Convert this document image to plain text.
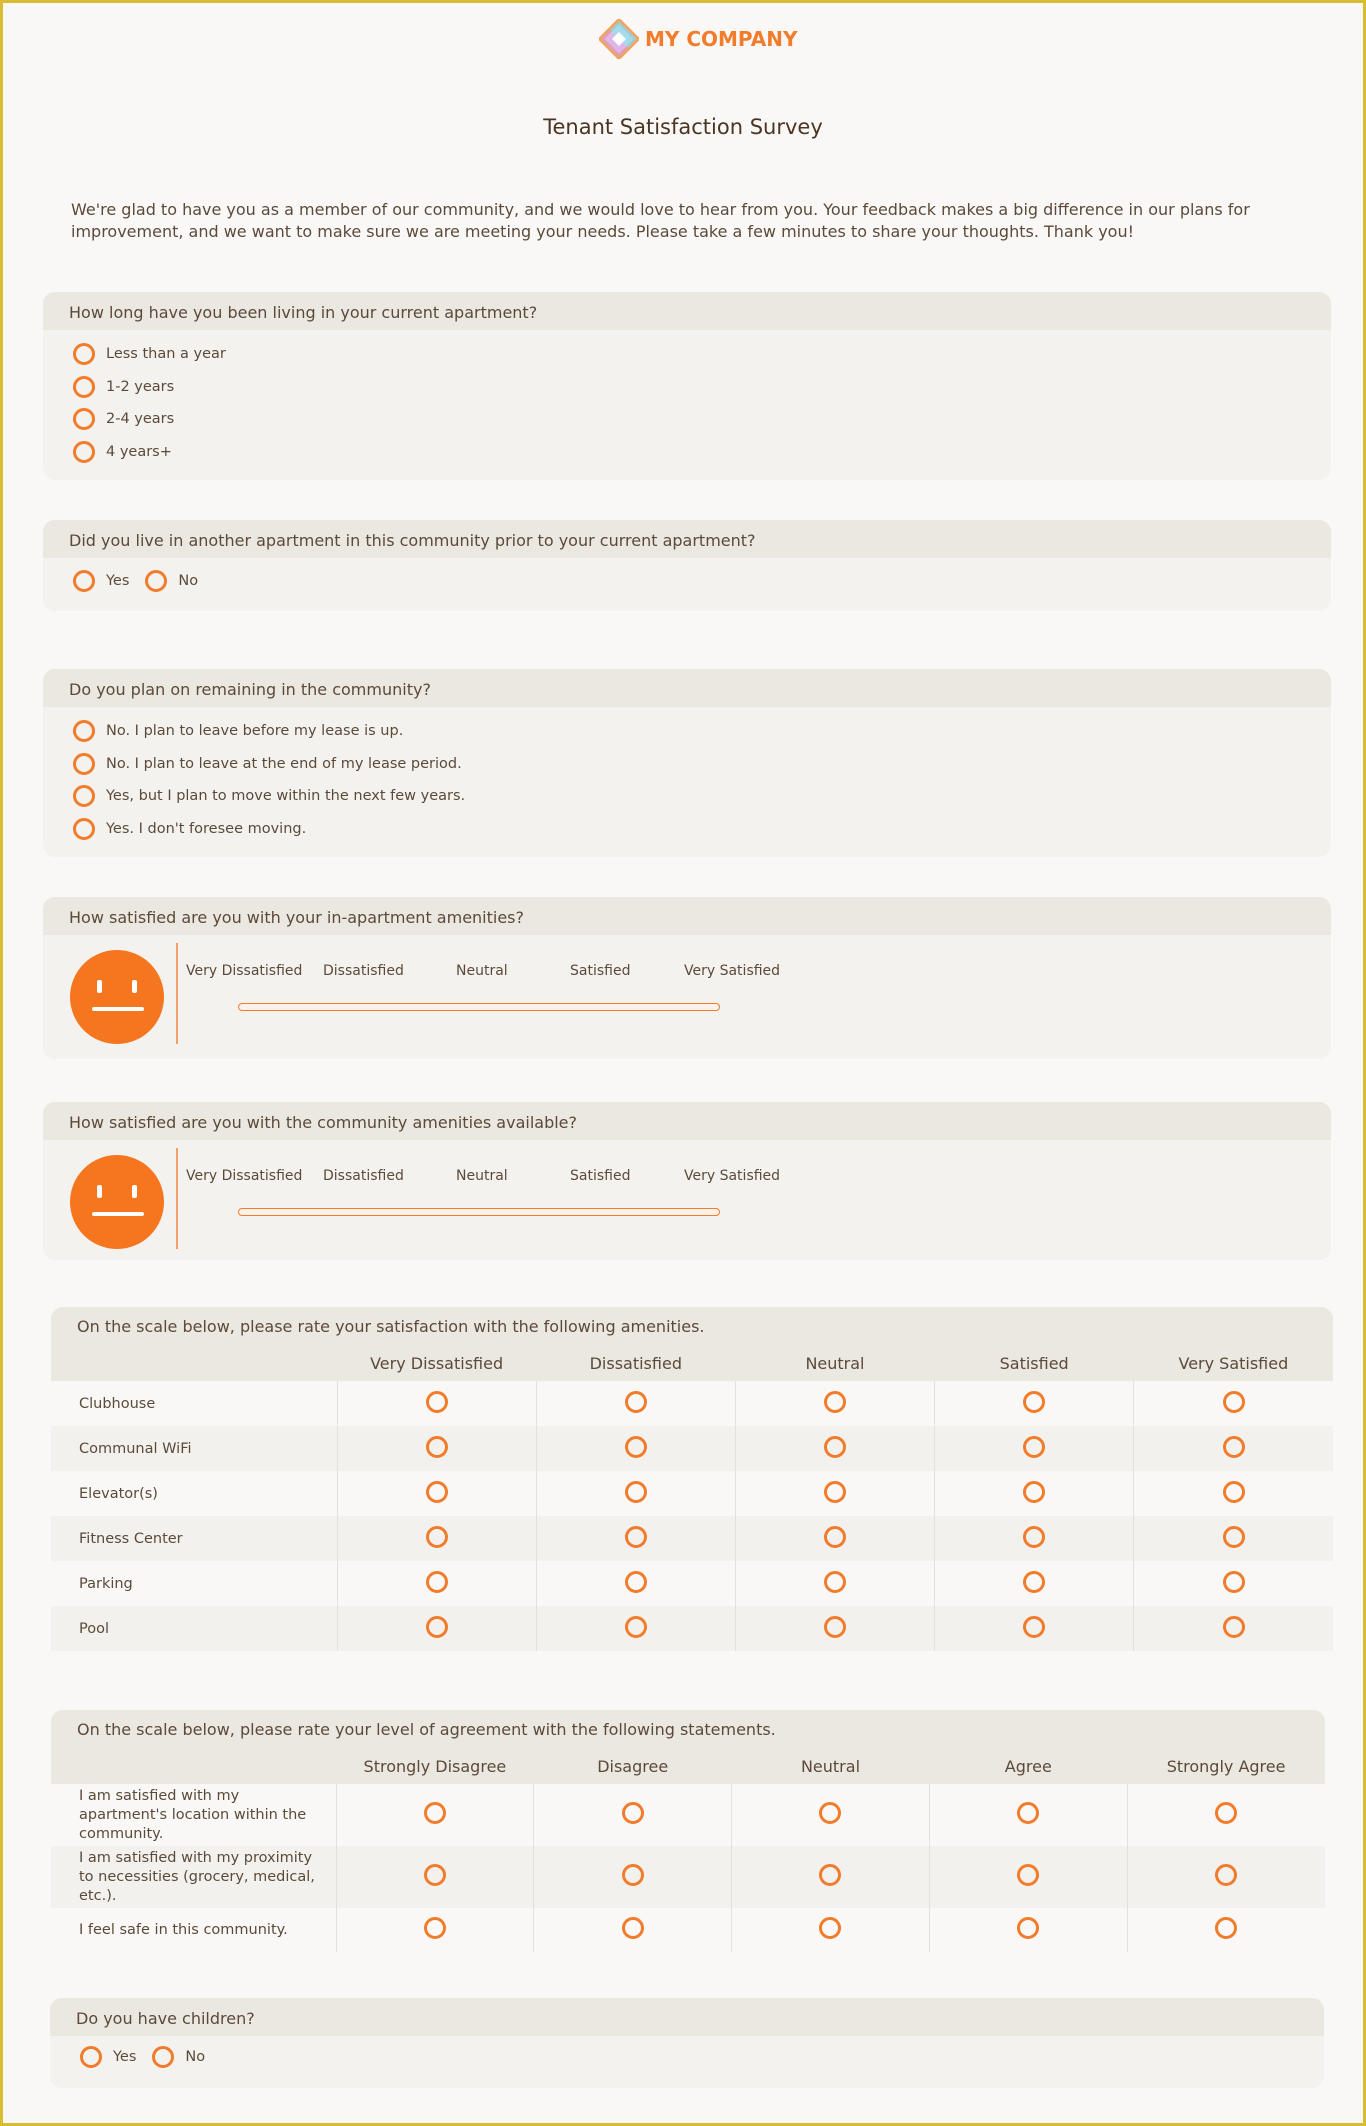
MY COMPANY
Tenant Satisfaction Survey
We're glad to have you as a member of our community, and we would love to hear from you. Your feedback makes a big difference in our plans for improvement, and we want to make sure we are meeting your needs. Please take a few minutes to share your thoughts. Thank you!
How long have you been living in your current apartment?
Less than a year
1-2 years
2-4 years
4 years+
Did you live in another apartment in this community prior to your current apartment?
Yes	No
Do you plan on remaining in the community?
No. I plan to leave before my lease is up.
No. I plan to leave at the end of my lease period.
Yes, but I plan to move within the next few years.
Yes. I don't foresee moving.
How satisfied are you with your in-apartment amenities?
Very Dissatisfied Dissatisfied	Neutral	Satisfied	Very Satisfied
How satisfied are you with the community amenities available?
Very Dissatisfied Dissatisfied	Neutral	Satisfied	Very Satisfied
On the scale below, please rate your satisfaction with the following amenities.
	Very Dissatisfied	Dissatisfied	Neutral	Satisfied	Very Satisfied
Clubhouse					
Communal WiFi					
Elevator(s)					
Fitness Center					
Parking					
Pool					
On the scale below, please rate your level of agreement with the following statements.
	Strongly Disagree	Disagree	Neutral	Agree	Strongly Agree
I am satisfied with my apartment's location within the community.					
I am satisfied with my proximity to necessities (grocery, medical, etc.).					
I feel safe in this community.					
Do you have children?
Yes	No
